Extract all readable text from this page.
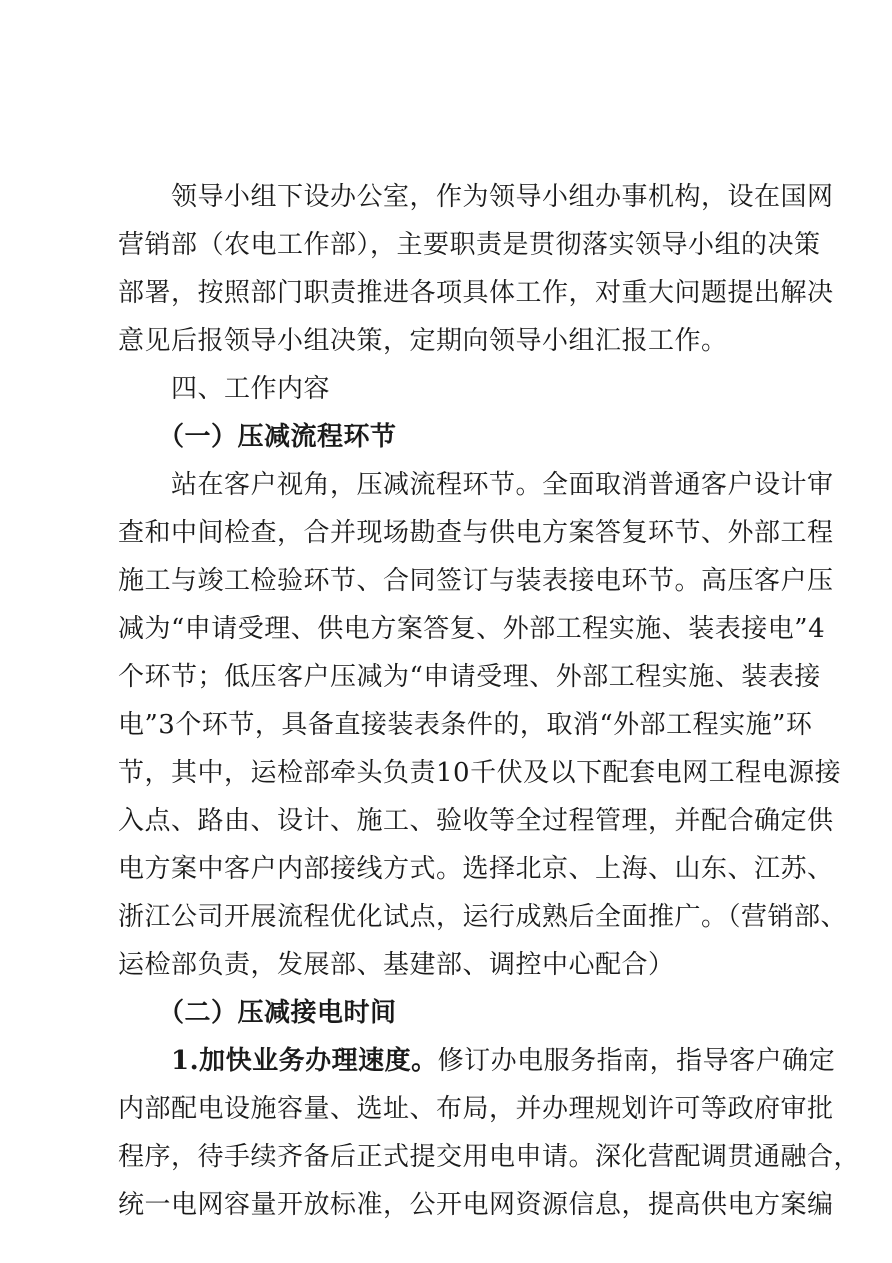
　　领导小组下设办公室，作为领导小组办事机构，设在国网
营销部（农电工作部），主要职责是贯彻落实领导小组的决策
部署，按照部门职责推进各项具体工作，对重大问题提出解决
意见后报领导小组决策，定期向领导小组汇报工作。
　　四、工作内容
　　（一）压减流程环节
　　站在客户视角，压减流程环节。全面取消普通客户设计审
查和中间检查，合并现场勘查与供电方案答复环节、外部工程
施工与竣工检验环节、合同签订与装表接电环节。高压客户压
减为“申请受理、供电方案答复、外部工程实施、装表接电”4
个环节；低压客户压减为“申请受理、外部工程实施、装表接
电”3个环节，具备直接装表条件的，取消“外部工程实施”环
节，其中，运检部牵头负责10千伏及以下配套电网工程电源接
入点、路由、设计、施工、验收等全过程管理，并配合确定供
电方案中客户内部接线方式。选择北京、上海、山东、江苏、
浙江公司开展流程优化试点，运行成熟后全面推广。（营销部、
运检部负责，发展部、基建部、调控中心配合）
　　（二）压减接电时间
　　1.加快业务办理速度。修订办电服务指南，指导客户确定
内部配电设施容量、选址、布局，并办理规划许可等政府审批
程序，待手续齐备后正式提交用电申请。深化营配调贯通融合，
统一电网容量开放标准，公开电网资源信息，提高供电方案编
